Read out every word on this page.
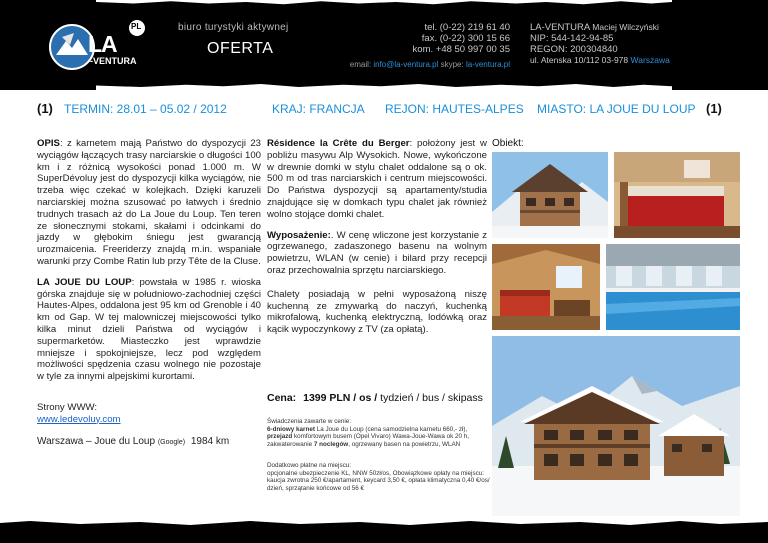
LA
-VENTURA
PL	biuro turystyki aktywnej
OFERTA
tel. (0-22) 219 61 40
fax. (0-22) 300 15 66
kom. +48 50 997 00 35
email: info@la-ventura.pl skype: la-ventura.pl
LA-VENTURA Maciej Wilczyński
NIP: 544-142-94-85
REGON: 200304840
ul. Atenska 10/112 03-978 Warszawa
(1) TERMIN: 28.01 – 05.02 / 2012	KRAJ: FRANCJA REJON: HAUTES-ALPES MIASTO: LA JOUE DU LOUP (1)

OPIS: z karnetem mają Państwo do dyspozycji 23 wyciągów łączących trasy narciarskie o długości 100 km i z różnicą wysokości ponad 1.000 m. W SuperDévoluy jest do dyspozycji kilka wyciągów, nie trzeba więc czekać w kolejkach. Dzięki karuzeli narciarskiej można szusować po łatwych i średnio trudnych trasach aż do La Joue du Loup. Ten teren ze słonecznymi stokami, skałami i odcinkami do jazdy w głębokim śniegu jest gwarancją urozmaicenia. Freeriderzy znajdą m.in. wspaniałe warunki przy Combe Ratin lub przy Tête de la Cluse.

LA JOUE DU LOUP: powstała w 1985 r. wioska górska znajduje się w południowo-zachodniej części Hautes-Alpes, oddalona jest 95 km od Grenoble i 40 km od Gap. W tej malowniczej miejscowości tylko kilka minut dzieli Państwa od wyciągów i supermarketów. Miasteczko jest wprawdzie mniejsze i spokojniejsze, lecz pod względem możliwości spędzenia czasu wolnego nie pozostaje w tyle za innymi alpejskimi kurortami.

Strony WWW:
www.ledevoluy.com
Warszawa – Joue du Loup (Google) 1984 km

Résidence la Crête du Berger: położony jest w pobliżu masywu Alp Wysokich. Nowe, wykończone w drewnie domki w stylu chalet oddalone są o ok. 500 m od tras narciarskich i centrum miejscowości. Do Państwa dyspozycji są apartamenty/studia znajdujące się w domkach typu chalet jak również wolno stojące domki chalet.

Wyposażenie:. W cenę wliczone jest korzystanie z ogrzewanego, zadaszonego basenu na wolnym powietrzu, WLAN (w cenie) i bilard przy recepcji oraz przechowalnia sprzętu narciarskiego.

Chalety posiadają w pełni wyposażoną niszę kuchenną ze zmywarką do naczyń, kuchenką mikrofalową, kuchenką elektryczną, lodówką oraz kącik wypoczynkowy z TV (za opłatą).

Cena: 1399 PLN / os / tydzień / bus / skipass
Świadczenia zawarte w cenie:
6-dniowy karnet La Joue du Loup (cena samodzielna karnetu 660,- zł),
przejazd komfortowym busem (Opel Vivaro) Wawa-Joue-Wawa ok 20 h,
zakwaterowanie 7 noclegów, ogrzewany basen na powietrzu, WLAN
Dodatkowo płatne na miejscu:
opcjonalne ubezpieczenie KL, NNW 50zł/os, Obowiązkowe opłaty na miejscu: kaucja zwrotna 250 €/apartament, keycard 3,50 €, opłata klimatyczna 0,40 €/os/ dzień, sprzątanie końcowe od 56 €
Obiekt:
